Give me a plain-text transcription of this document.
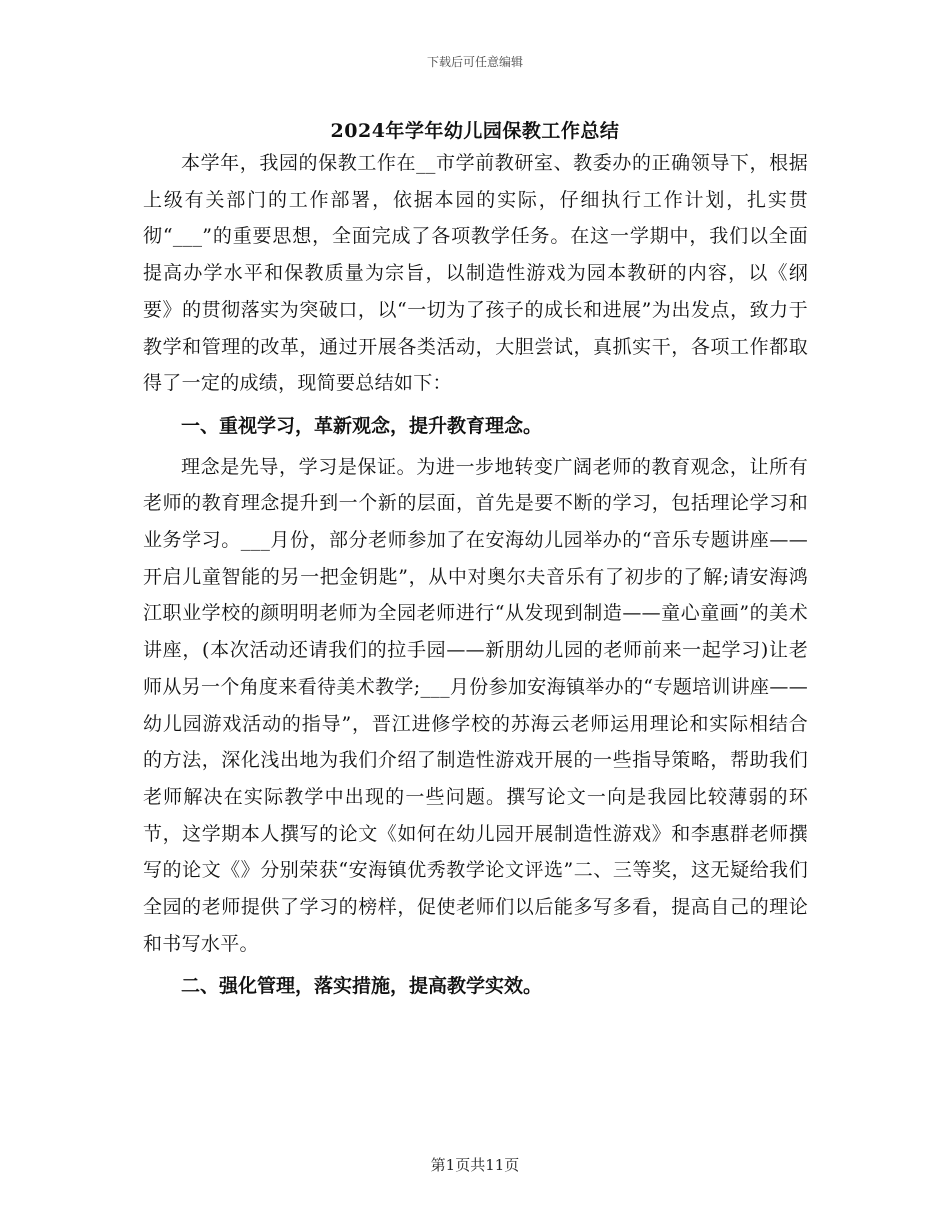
下载后可任意编辑
2024年学年幼儿园保教工作总结

本学年，我园的保教工作在__市学前教研室、教委办的正确领导下，根据上级有关部门的工作部署，依据本园的实际，仔细执行工作计划，扎实贯彻“___”的重要思想，全面完成了各项教学任务。在这一学期中，我们以全面提高办学水平和保教质量为宗旨，以制造性游戏为园本教研的内容，以《纲要》的贯彻落实为突破口，以“一切为了孩子的成长和进展”为出发点，致力于教学和管理的改革，通过开展各类活动，大胆尝试，真抓实干，各项工作都取得了一定的成绩，现简要总结如下：

一、重视学习，革新观念，提升教育理念。

理念是先导，学习是保证。为进一步地转变广阔老师的教育观念，让所有老师的教育理念提升到一个新的层面，首先是要不断的学习，包括理论学习和业务学习。___月份，部分老师参加了在安海幼儿园举办的“音乐专题讲座——开启儿童智能的另一把金钥匙”，从中对奥尔夫音乐有了初步的了解;请安海鸿江职业学校的颜明明老师为全园老师进行“从发现到制造——童心童画”的美术讲座，(本次活动还请我们的拉手园——新朋幼儿园的老师前来一起学习)让老师从另一个角度来看待美术教学;___月份参加安海镇举办的“专题培训讲座——幼儿园游戏活动的指导”，晋江进修学校的苏海云老师运用理论和实际相结合的方法，深化浅出地为我们介绍了制造性游戏开展的一些指导策略，帮助我们老师解决在实际教学中出现的一些问题。撰写论文一向是我园比较薄弱的环节，这学期本人撰写的论文《如何在幼儿园开展制造性游戏》和李惠群老师撰写的论文《》分别荣获“安海镇优秀教学论文评选”二、三等奖，这无疑给我们全园的老师提供了学习的榜样，促使老师们以后能多写多看，提高自己的理论和书写水平。

二、强化管理，落实措施，提高教学实效。

第1页共11页
